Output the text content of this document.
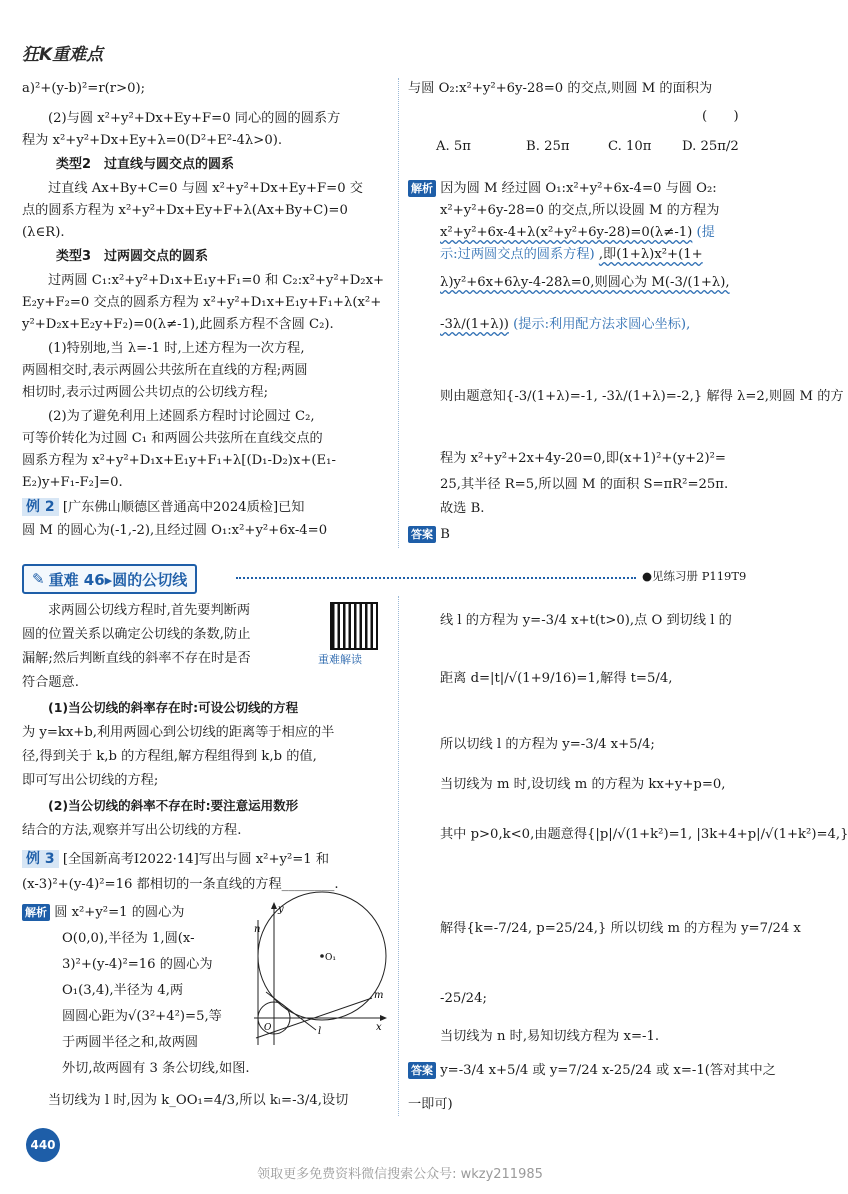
狂K重难点
a)²+(y-b)²=r(r>0);
(2)与圆 x²+y²+Dx+Ey+F=0 同心的圆的圆系方
程为 x²+y²+Dx+Ey+λ=0(D²+E²-4λ>0).
类型2　过直线与圆交点的圆系
过直线 Ax+By+C=0 与圆 x²+y²+Dx+Ey+F=0 交
点的圆系方程为 x²+y²+Dx+Ey+F+λ(Ax+By+C)=0
(λ∈R).
类型3　过两圆交点的圆系
过两圆 C₁:x²+y²+D₁x+E₁y+F₁=0 和 C₂:x²+y²+D₂x+
E₂y+F₂=0 交点的圆系方程为 x²+y²+D₁x+E₁y+F₁+λ(x²+
y²+D₂x+E₂y+F₂)=0(λ≠-1),此圆系方程不含圆 C₂).
(1)特别地,当 λ=-1 时,上述方程为一次方程,
两圆相交时,表示两圆公共弦所在直线的方程;两圆
相切时,表示过两圆公共切点的公切线方程;
(2)为了避免利用上述圆系方程时讨论圆过 C₂,
可等价转化为过圆 C₁ 和两圆公共弦所在直线交点的
圆系方程为 x²+y²+D₁x+E₁y+F₁+λ[(D₁-D₂)x+(E₁-
E₂)y+F₁-F₂]=0.
例 2 [广东佛山顺德区普通高中2024质检]已知
圆 M 的圆心为(-1,-2),且经过圆 O₁:x²+y²+6x-4=0
与圆 O₂:x²+y²+6y-28=0 的交点,则圆 M 的面积为
(　　)
A. 5π	B. 25π	C. 10π D. 25π/2
解析 因为圆 M 经过圆 O₁:x²+y²+6x-4=0 与圆 O₂:
x²+y²+6y-28=0 的交点,所以设圆 M 的方程为
x²+y²+6x-4+λ(x²+y²+6y-28)=0(λ≠-1) (提
示:过两圆交点的圆系方程) ,即(1+λ)x²+(1+
λ)y²+6x+6λy-4-28λ=0,则圆心为 M(-3/(1+λ),
-3λ/(1+λ)) (提示:利用配方法求圆心坐标),
则由题意知{-3/(1+λ)=-1, -3λ/(1+λ)=-2,} 解得 λ=2,则圆 M 的方
程为 x²+y²+2x+4y-20=0,即(x+1)²+(y+2)²=
25,其半径 R=5,所以圆 M 的面积 S=πR²=25π.
故选 B.
答案 B
✎ 重难 46▸圆的公切线	●见练习册 P119T9
求两圆公切线方程时,首先要判断两
圆的位置关系以确定公切线的条数,防止
漏解;然后判断直线的斜率不存在时是否
符合题意.
重难解读
(1)当公切线的斜率存在时:可设公切线的方程
为 y=kx+b,利用两圆心到公切线的距离等于相应的半
径,得到关于 k,b 的方程组,解方程组得到 k,b 的值,
即可写出公切线的方程;
(2)当公切线的斜率不存在时:要注意运用数形
结合的方法,观察并写出公切线的方程.
例 3 [全国新高考Ⅰ2022·14]写出与圆 x²+y²=1 和
(x-3)²+(y-4)²=16 都相切的一条直线的方程________.
解析 圆 x²+y²=1 的圆心为
O(0,0),半径为 1,圆(x-
3)²+(y-4)²=16 的圆心为
O₁(3,4),半径为 4,两
圆圆心距为√(3²+4²)=5,等
于两圆半径之和,故两圆
外切,故两圆有 3 条公切线,如图.
当切线为 l 时,因为 k_OO₁=4/3,所以 kₗ=-3/4,设切
n
y
x
O₁
O
m
l
线 l 的方程为 y=-3/4 x+t(t>0),点 O 到切线 l 的
距离 d=|t|/√(1+9/16)=1,解得 t=5/4,
所以切线 l 的方程为 y=-3/4 x+5/4;
当切线为 m 时,设切线 m 的方程为 kx+y+p=0,
其中 p>0,k<0,由题意得{|p|/√(1+k²)=1, |3k+4+p|/√(1+k²)=4,}
解得{k=-7/24, p=25/24,} 所以切线 m 的方程为 y=7/24 x
-25/24;
当切线为 n 时,易知切线方程为 x=-1.
答案 y=-3/4 x+5/4 或 y=7/24 x-25/24 或 x=-1(答对其中之
一即可)
440
领取更多免费资料微信搜索公众号: wkzy211985
